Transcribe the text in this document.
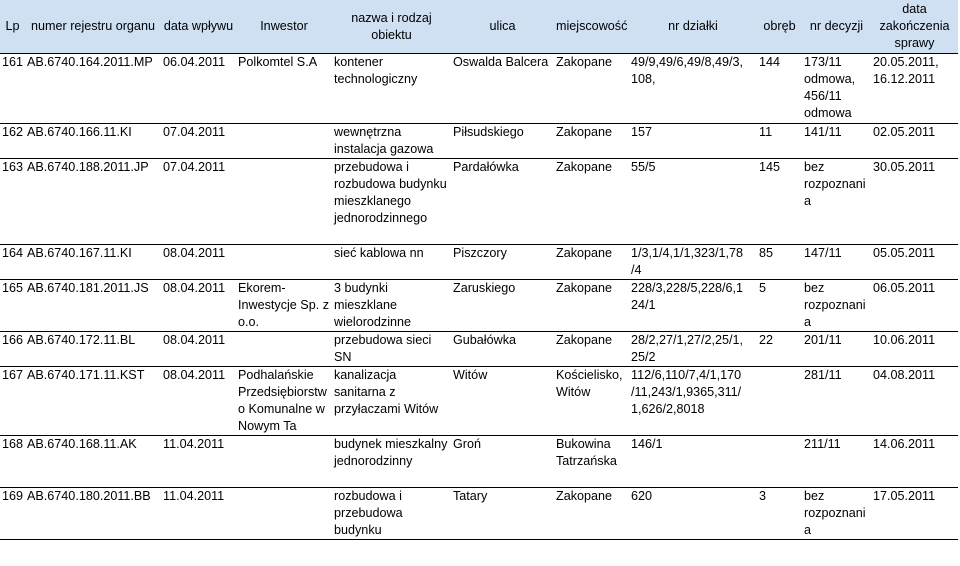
Lp	numer rejestru organu	data wpływu	Inwestor	nazwa i rodzaj obiektu	ulica	miejscowość	nr działki	obręb	nr decyzji	data zakończenia sprawy
161	AB.6740.164.2011.MP	06.04.2011	Polkomtel S.A	kontener technologiczny	Oswalda Balcera	Zakopane	49/9,49/6,49/8,49/3, 108,	144	173/11 odmowa, 456/11 odmowa	20.05.2011, 16.12.2011
162	AB.6740.166.11.KI	07.04.2011		wewnętrzna instalacja gazowa	Piłsudskiego	Zakopane	157	11	141/11	02.05.2011
163	AB.6740.188.2011.JP	07.04.2011		przebudowa i rozbudowa budynku mieszklanego jednorodzinnego	Pardałówka	Zakopane	55/5	145	bez rozpoznani a	30.05.2011
164	AB.6740.167.11.KI	08.04.2011		sieć kablowa nn	Piszczory	Zakopane	1/3,1/4,1/1,323/1,78 /4	85	147/11	05.05.2011
165	AB.6740.181.2011.JS	08.04.2011	Ekorem-Inwestycje Sp. z o.o.	3 budynki mieszklane wielorodzinne	Zaruskiego	Zakopane	228/3,228/5,228/6,1 24/1	5	bez rozpoznani a	06.05.2011
166	AB.6740.172.11.BL	08.04.2011		przebudowa sieci SN	Gubałówka	Zakopane	28/2,27/1,27/2,25/1, 25/2	22	201/11	10.06.2011
167	AB.6740.171.11.KST	08.04.2011	Podhalańskie Przedsiębiorstwo Komunalne w Nowym Ta	kanalizacja sanitarna z przyłaczami Witów	Witów	Kościelisko, Witów	112/6,110/7,4/1,170 /11,243/1,9365,311/ 1,626/2,8018		281/11	04.08.2011
168	AB.6740.168.11.AK	11.04.2011		budynek mieszkalny jednorodzinny	Groń	Bukowina Tatrzańska	146/1		211/11	14.06.2011
169	AB.6740.180.2011.BB	11.04.2011		rozbudowa i przebudowa budynku	Tatary	Zakopane	620	3	bez rozpoznani a	17.05.2011
